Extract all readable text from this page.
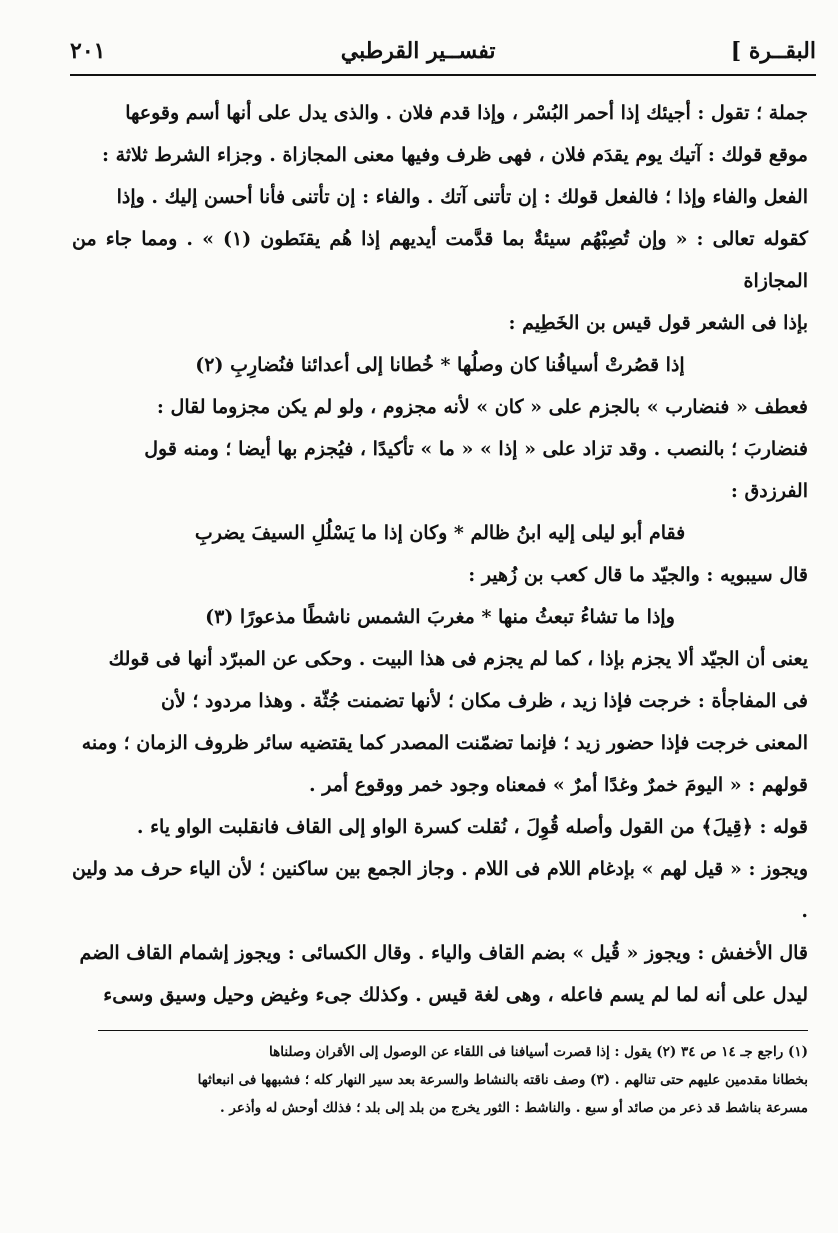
البقــرة ]
تفســير القرطبي
٢٠١

جملة ؛ تقول : أجيئك إذا أحمر البُسْر ، وإذا قدم فلان . والذى يدل على أنها أسم وقوعها

موقع قولك : آتيك يوم يقدَم فلان ، فهى ظرف وفيها معنى المجازاة . وجزاء الشرط ثلاثة :

الفعل والفاء وإذا ؛ فالفعل قولك : إن تأتنى آتك . والفاء : إن تأتنى فأنا أحسن إليك . وإذا

كقوله تعالى : « وإن تُصِبْهُم سيئةٌ بما قدَّمت أيديهم إذا هُم يقنَطون (١) » . ومما جاء من المجازاة

بإذا فى الشعر قول قيس بن الخَطِيم :

إذا قصُرتْ أسيافُنا كان وصلُها * خُطانا إلى أعدائنا فنُضارِبِ (٢)

فعطف « فنضارب » بالجزم على « كان » لأنه مجزوم ، ولو لم يكن مجزوما لقال :

فنضاربَ ؛ بالنصب . وقد تزاد على « إذا » « ما » تأكيدًا ، فيُجزم بها أيضا ؛ ومنه قول

الفرزدق :

فقام أبو ليلى إليه ابنُ ظالم * وكان إذا ما يَسْلُلِ السيفَ يضربِ

قال سيبويه : والجيّد ما قال كعب بن زُهير :

وإذا ما تشاءُ تبعثُ منها * مغربَ الشمس ناشطًا مذعورًا (٣)

يعنى أن الجيّد ألا يجزم بإذا ، كما لم يجزم فى هذا البيت . وحكى عن المبرّد أنها فى قولك

فى المفاجأة : خرجت فإذا زيد ، ظرف مكان ؛ لأنها تضمنت جُثّة . وهذا مردود ؛ لأن

المعنى خرجت فإذا حضور زيد ؛ فإنما تضمّنت المصدر كما يقتضيه سائر ظروف الزمان ؛ ومنه

قولهم : « اليومَ خمرٌ وغدًا أمرٌ » فمعناه وجود خمر ووقوع أمر .

قوله : ﴿قِيلَ﴾ من القول وأصله قُوِلَ ، نُقلت كسرة الواو إلى القاف فانقلبت الواو ياء .

ويجوز : « قيل لهم » بإدغام اللام فى اللام . وجاز الجمع بين ساكنين ؛ لأن الياء حرف مد ولين .

قال الأخفش : ويجوز « قُيل » بضم القاف والياء . وقال الكسائى : ويجوز إشمام القاف الضم

ليدل على أنه لما لم يسم فاعله ، وهى لغة قيس . وكذلك جىء وغيض وحيل وسيق وسىء

(١) راجع جـ ١٤ ص ٣٤ (٢) يقول : إذا قصرت أسيافنا فى اللقاء عن الوصول إلى الأقران وصلناها

بخطانا مقدمين عليهم حتى تنالهم . (٣) وصف ناقته بالنشاط والسرعة بعد سير النهار كله ؛ فشبهها فى انبعاثها

مسرعة بناشط قد ذعر من صائد أو سبع . والناشط : الثور يخرج من بلد إلى بلد ؛ فذلك أوحش له وأذعر .
